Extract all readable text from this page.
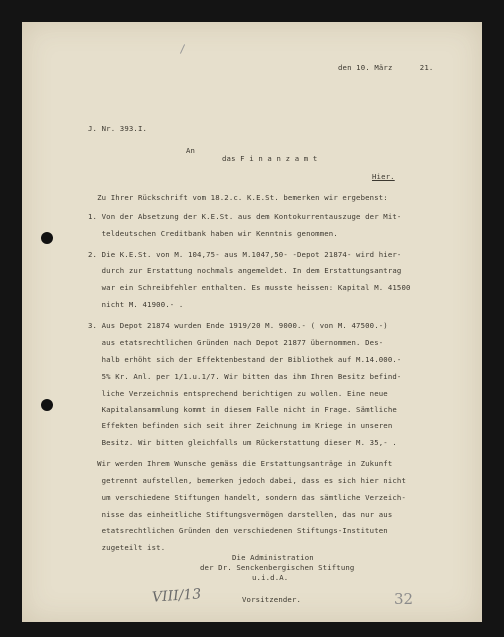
den 10. März      21.
J. Nr. 393.I.
An
das F i n a n z a m t
Hier.
Zu Ihrer Rückschrift vom 18.2.c. K.E.St. bemerken wir ergebenst:
1. Von der Absetzung der K.E.St. aus dem Kontokurrentauszuge der Mit-
teldeutschen Creditbank haben wir Kenntnis genommen.
2. Die K.E.St. von M. 104,75- aus M.1047,50- -Depot 21874- wird hier-
durch zur Erstattung nochmals angemeldet. In dem Erstattungsantrag
war ein Schreibfehler enthalten. Es musste heissen: Kapital M. 41500
nicht M. 41900.- .
3. Aus Depot 21874 wurden Ende 1919/20 M. 9000.- ( von M. 47500.-)
aus etatsrechtlichen Gründen nach Depot 21877 übernommen. Des-
halb erhöht sich der Effektenbestand der Bibliothek auf M.14.000.-
5% Kr. Anl. per 1/1.u.1/7. Wir bitten das ihm Ihren Besitz befind-
liche Verzeichnis entsprechend berichtigen zu wollen. Eine neue
Kapitalansammlung kommt in diesem Falle nicht in Frage. Sämtliche
Effekten befinden sich seit ihrer Zeichnung im Kriege in unseren
Besitz. Wir bitten gleichfalls um Rückerstattung dieser M. 35,- .
Wir werden Ihrem Wunsche gemäss die Erstattungsanträge in Zukunft
getrennt aufstellen, bemerken jedoch dabei, dass es sich hier nicht
um verschiedene Stiftungen handelt, sondern das sämtliche Verzeich-
nisse das einheitliche Stiftungsvermögen darstellen, das nur aus
etatsrechtlichen Gründen den verschiedenen Stiftungs-Instituten
zugeteilt ist.
Die Administration
der Dr. Senckenbergischen Stiftung
u.i.d.A.
Vorsitzender.
VIII/13	32
